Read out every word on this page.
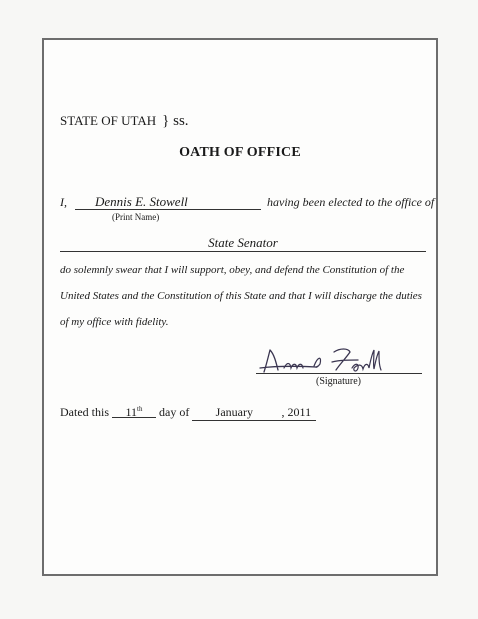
STATE OF UTAH } ss.
OATH OF OFFICE
I, Dennis E. Stowell	having been elected to the office of
(Print Name)
State Senator
do solemnly swear that I will support, obey, and defend the Constitution of the
United States and the Constitution of this State and that I will discharge the duties
of my office with fidelity.
(Signature)
Dated this 11th day of January , 2011
